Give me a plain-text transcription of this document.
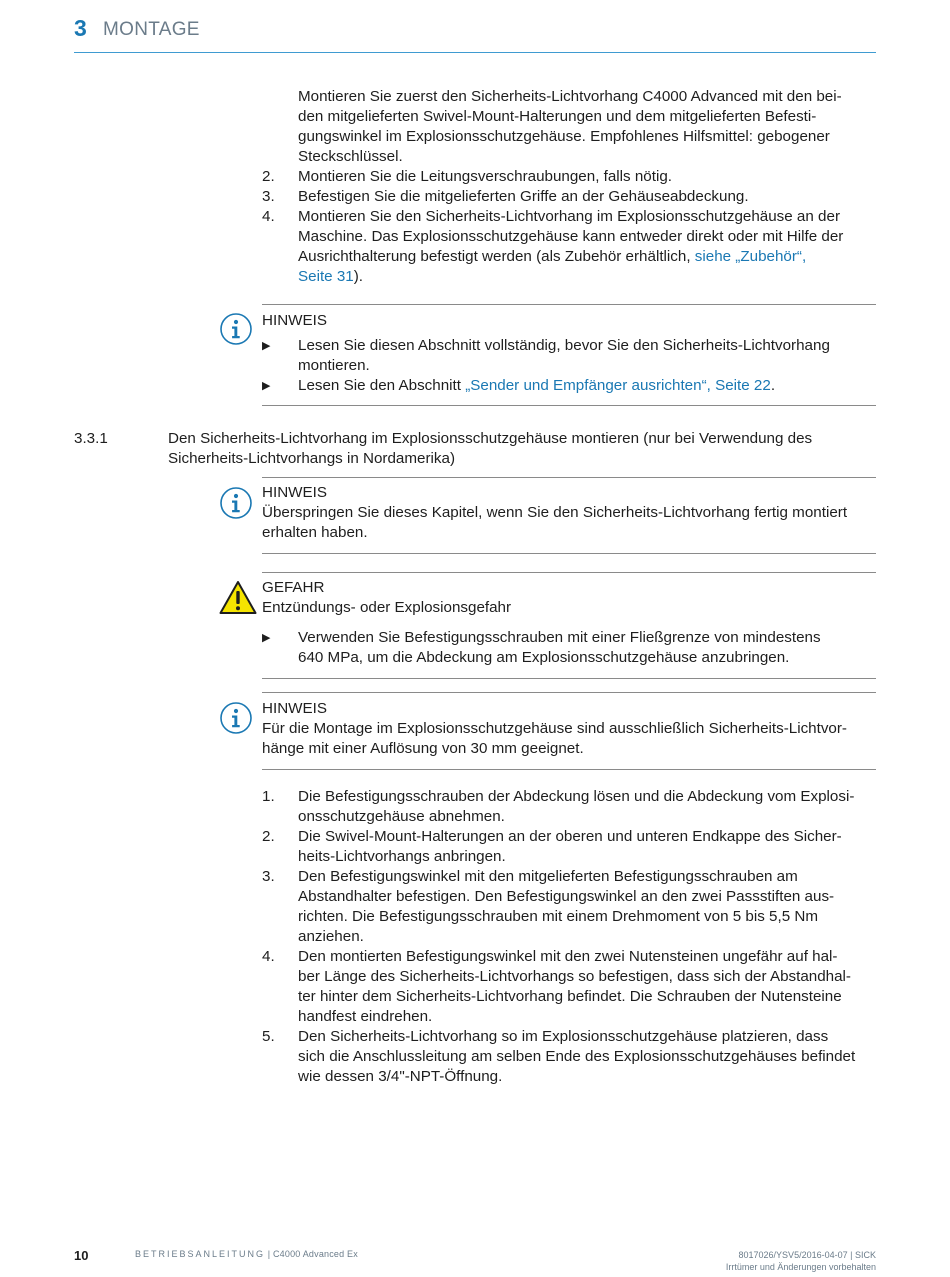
3 MONTAGE
Montieren Sie zuerst den Sicherheits-Lichtvorhang C4000 Advanced mit den bei-
den mitgelieferten Swivel-Mount-Halterungen und dem mitgelieferten Befesti-
gungswinkel im Explosionsschutzgehäuse. Empfohlenes Hilfsmittel: gebogener
Steckschlüssel.
2.	Montieren Sie die Leitungsverschraubungen, falls nötig.
3.	Befestigen Sie die mitgelieferten Griffe an der Gehäuseabdeckung.
4.	Montieren Sie den Sicherheits-Lichtvorhang im Explosionsschutzgehäuse an der
Maschine. Das Explosionsschutzgehäuse kann entweder direkt oder mit Hilfe der
Ausrichthalterung befestigt werden (als Zubehör erhältlich, siehe „Zubehör“,
Seite 31).
HINWEIS
▶	Lesen Sie diesen Abschnitt vollständig, bevor Sie den Sicherheits-Lichtvorhang
montieren.
▶	Lesen Sie den Abschnitt „Sender und Empfänger ausrichten“, Seite 22.
3.3.1	Den Sicherheits-Lichtvorhang im Explosionsschutzgehäuse montieren (nur bei Verwendung des
Sicherheits-Lichtvorhangs in Nordamerika)
HINWEIS
Überspringen Sie dieses Kapitel, wenn Sie den Sicherheits-Lichtvorhang fertig montiert
erhalten haben.
GEFAHR
Entzündungs- oder Explosionsgefahr
▶	Verwenden Sie Befestigungsschrauben mit einer Fließgrenze von mindestens
640 MPa, um die Abdeckung am Explosionsschutzgehäuse anzubringen.
HINWEIS
Für die Montage im Explosionsschutzgehäuse sind ausschließlich Sicherheits-Lichtvor-
hänge mit einer Auflösung von 30 mm geeignet.
1.	Die Befestigungsschrauben der Abdeckung lösen und die Abdeckung vom Explosi-
onsschutzgehäuse abnehmen.
2.	Die Swivel-Mount-Halterungen an der oberen und unteren Endkappe des Sicher-
heits-Lichtvorhangs anbringen.
3.	Den Befestigungswinkel mit den mitgelieferten Befestigungsschrauben am
Abstandhalter befestigen. Den Befestigungswinkel an den zwei Passstiften aus-
richten. Die Befestigungsschrauben mit einem Drehmoment von 5 bis 5,5 Nm
anziehen.
4.	Den montierten Befestigungswinkel mit den zwei Nutensteinen ungefähr auf hal-
ber Länge des Sicherheits-Lichtvorhangs so befestigen, dass sich der Abstandhal-
ter hinter dem Sicherheits-Lichtvorhang befindet. Die Schrauben der Nutensteine
handfest eindrehen.
5.	Den Sicherheits-Lichtvorhang so im Explosionsschutzgehäuse platzieren, dass
sich die Anschlussleitung am selben Ende des Explosionsschutzgehäuses befindet
wie dessen 3/4"-NPT-Öffnung.
10	BETRIEBSANLEITUNG | C4000 Advanced Ex	8017026/YSV5/2016-04-07 | SICK
Irrtümer und Änderungen vorbehalten
